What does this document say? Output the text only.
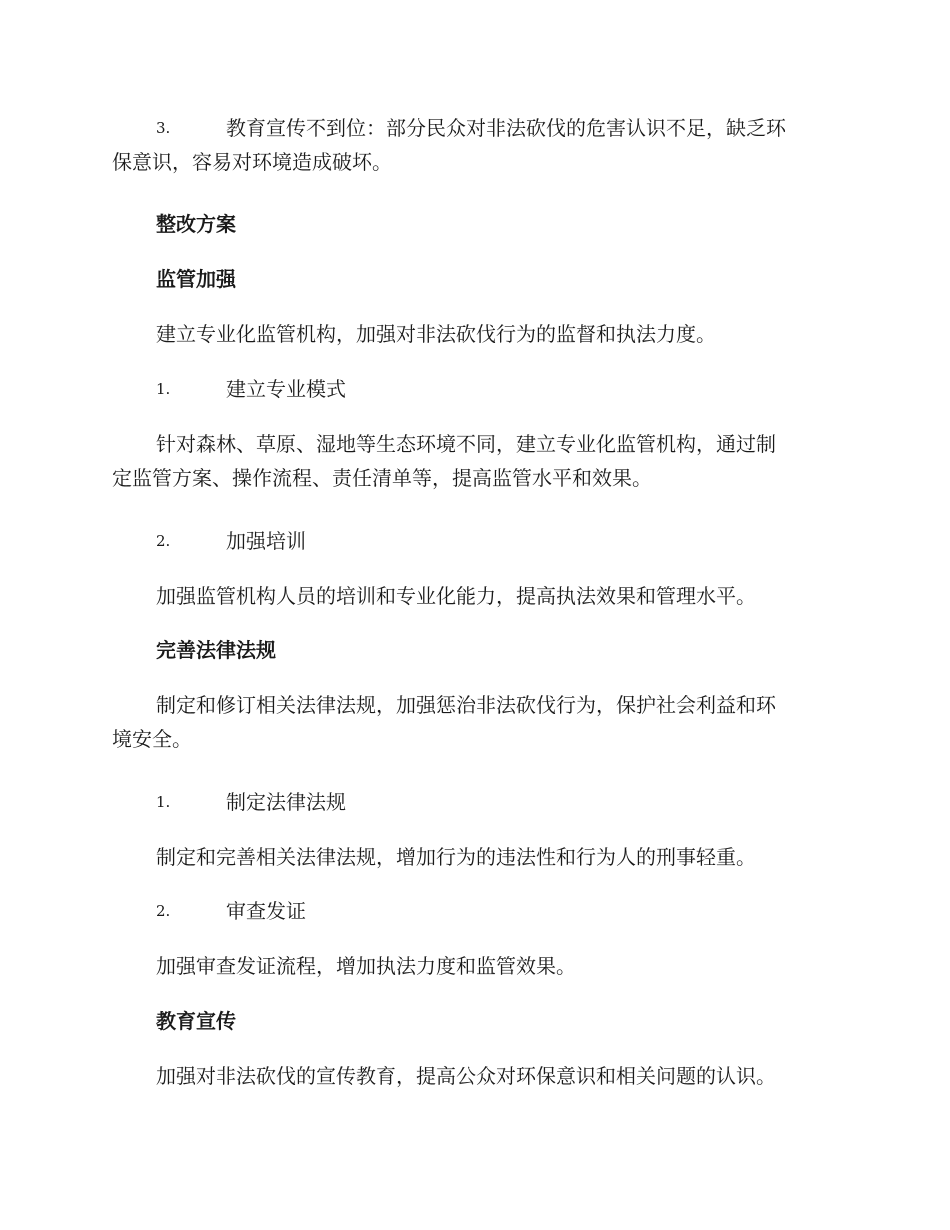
3.	教育宣传不到位：部分民众对非法砍伐的危害认识不足，缺乏环
保意识，容易对环境造成破坏。
整改方案
监管加强
建立专业化监管机构，加强对非法砍伐行为的监督和执法力度。
1.	建立专业模式
针对森林、草原、湿地等生态环境不同，建立专业化监管机构，通过制
定监管方案、操作流程、责任清单等，提高监管水平和效果。
2.	加强培训
加强监管机构人员的培训和专业化能力，提高执法效果和管理水平。
完善法律法规
制定和修订相关法律法规，加强惩治非法砍伐行为，保护社会利益和环
境安全。
1.	制定法律法规
制定和完善相关法律法规，增加行为的违法性和行为人的刑事轻重。
2.	审查发证
加强审查发证流程，增加执法力度和监管效果。
教育宣传
加强对非法砍伐的宣传教育，提高公众对环保意识和相关问题的认识。
